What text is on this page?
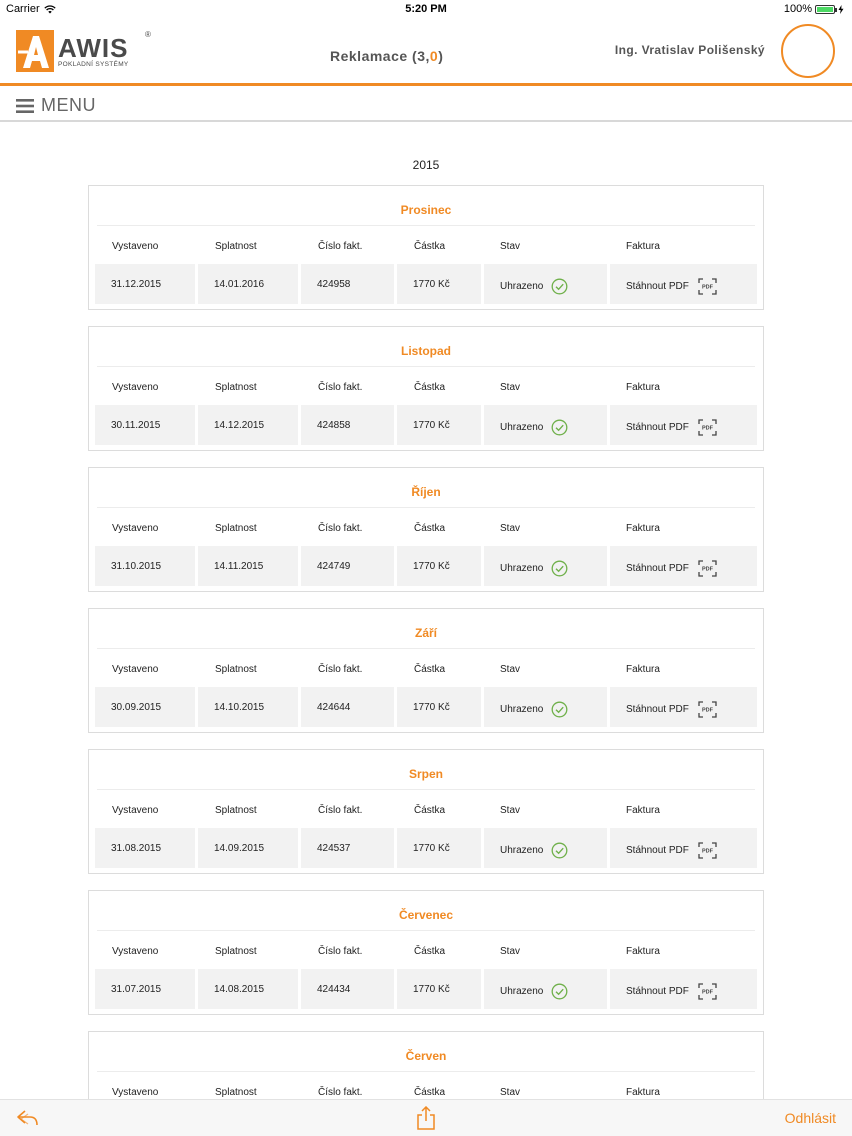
Carrier	5:20 PM	100%
AWIS
POKLADNÍ SYSTÉMY
®
Reklamace (3,0)	Ing. Vratislav Polišenský
MENU
2015
Prosinec
Vystaveno	Splatnost	Číslo fakt.	Částka	Stav	Faktura
31.12.2015	14.01.2016	424958	1770 Kč	Uhrazeno	Stáhnout PDF PDF
Listopad
Vystaveno	Splatnost	Číslo fakt.	Částka	Stav	Faktura
30.11.2015	14.12.2015	424858	1770 Kč	Uhrazeno	Stáhnout PDF PDF
Říjen
Vystaveno	Splatnost	Číslo fakt.	Částka	Stav	Faktura
31.10.2015	14.11.2015	424749	1770 Kč	Uhrazeno	Stáhnout PDF PDF
Září
Vystaveno	Splatnost	Číslo fakt.	Částka	Stav	Faktura
30.09.2015	14.10.2015	424644	1770 Kč	Uhrazeno	Stáhnout PDF PDF
Srpen
Vystaveno	Splatnost	Číslo fakt.	Částka	Stav	Faktura
31.08.2015	14.09.2015	424537	1770 Kč	Uhrazeno	Stáhnout PDF PDF
Červenec
Vystaveno	Splatnost	Číslo fakt.	Částka	Stav	Faktura
31.07.2015	14.08.2015	424434	1770 Kč	Uhrazeno	Stáhnout PDF PDF
Červen
Vystaveno	Splatnost	Číslo fakt.	Částka	Stav	Faktura
Odhlásit
